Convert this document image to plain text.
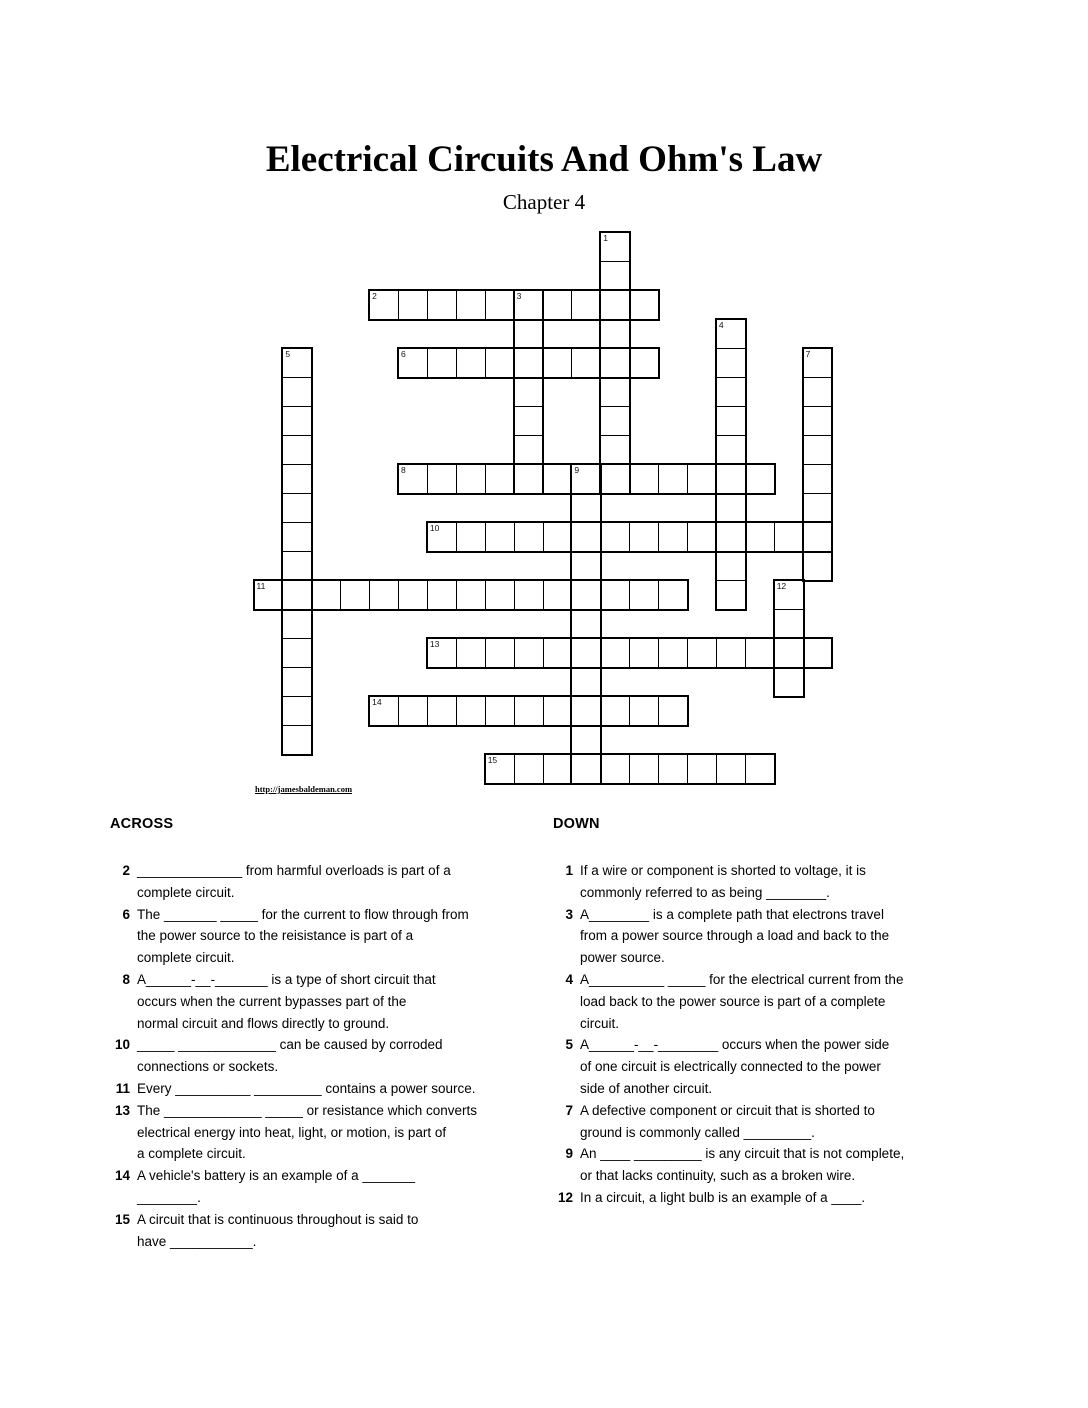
Electrical Circuits And Ohm's Law
Chapter 4
1
2	3
4
5	6	7
8	9
10
11	12
13
14
15
http://jamesbaldeman.com
ACROSS
2 ______________ from harmful overloads is part of a
complete circuit.
6 The _______ _____ for the current to flow through from
the power source to the reisistance is part of a
complete circuit.
8 A______-__-_______ is a type of short circuit that
occurs when the current bypasses part of the
normal circuit and flows directly to ground.
10 _____ _____________ can be caused by corroded
connections or sockets.
11 Every __________ _________ contains a power source.
13 The _____________ _____ or resistance which converts
electrical energy into heat, light, or motion, is part of
a complete circuit.
14 A vehicle's battery is an example of a _______
________.
15 A circuit that is continuous throughout is said to
have ___________.
DOWN
1 If a wire or component is shorted to voltage, it is
commonly referred to as being ________.
3 A________ is a complete path that electrons travel
from a power source through a load and back to the
power source.
4 A__________ _____ for the electrical current from the
load back to the power source is part of a complete
circuit.
5 A______-__-________ occurs when the power side
of one circuit is electrically connected to the power
side of another circuit.
7 A defective component or circuit that is shorted to
ground is commonly called _________.
9 An ____ _________ is any circuit that is not complete,
or that lacks continuity, such as a broken wire.
12 In a circuit, a light bulb is an example of a ____.
